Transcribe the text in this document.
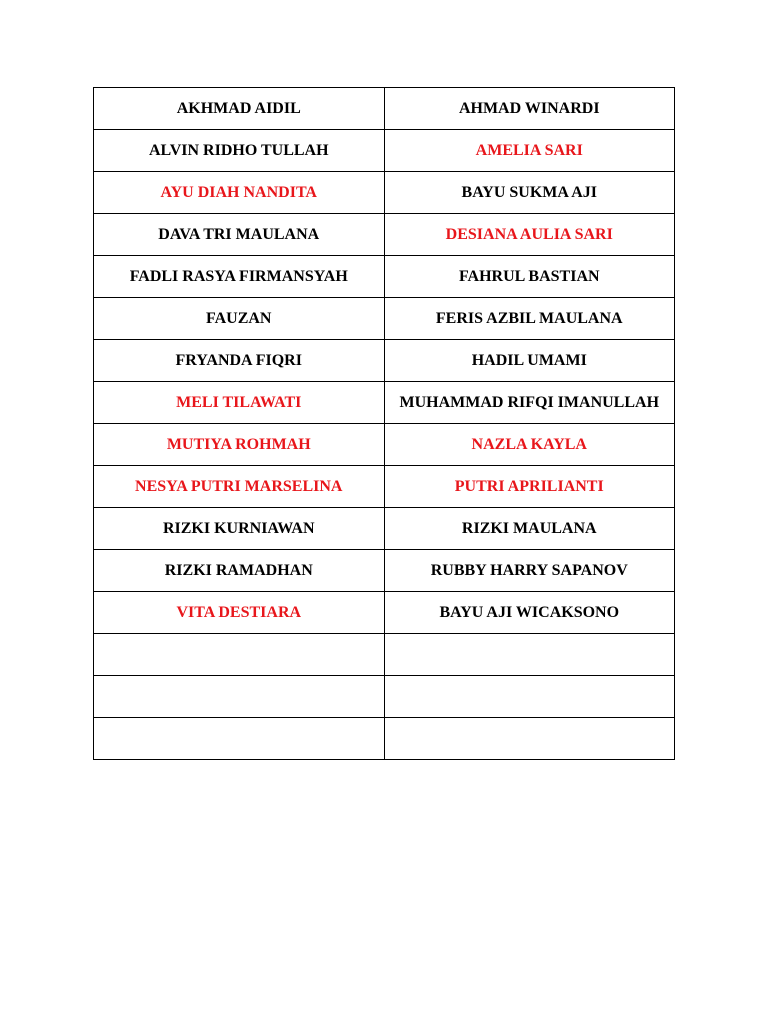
AKHMAD AIDIL	AHMAD WINARDI
ALVIN RIDHO TULLAH	AMELIA SARI
AYU DIAH NANDITA	BAYU SUKMA AJI
DAVA TRI MAULANA	DESIANA AULIA SARI
FADLI RASYA FIRMANSYAH	FAHRUL BASTIAN
FAUZAN	FERIS AZBIL MAULANA
FRYANDA FIQRI	HADIL UMAMI
MELI TILAWATI	MUHAMMAD RIFQI IMANULLAH
MUTIYA ROHMAH	NAZLA KAYLA
NESYA PUTRI MARSELINA	PUTRI APRILIANTI
RIZKI KURNIAWAN	RIZKI MAULANA
RIZKI RAMADHAN	RUBBY HARRY SAPANOV
VITA DESTIARA	BAYU AJI WICAKSONO
